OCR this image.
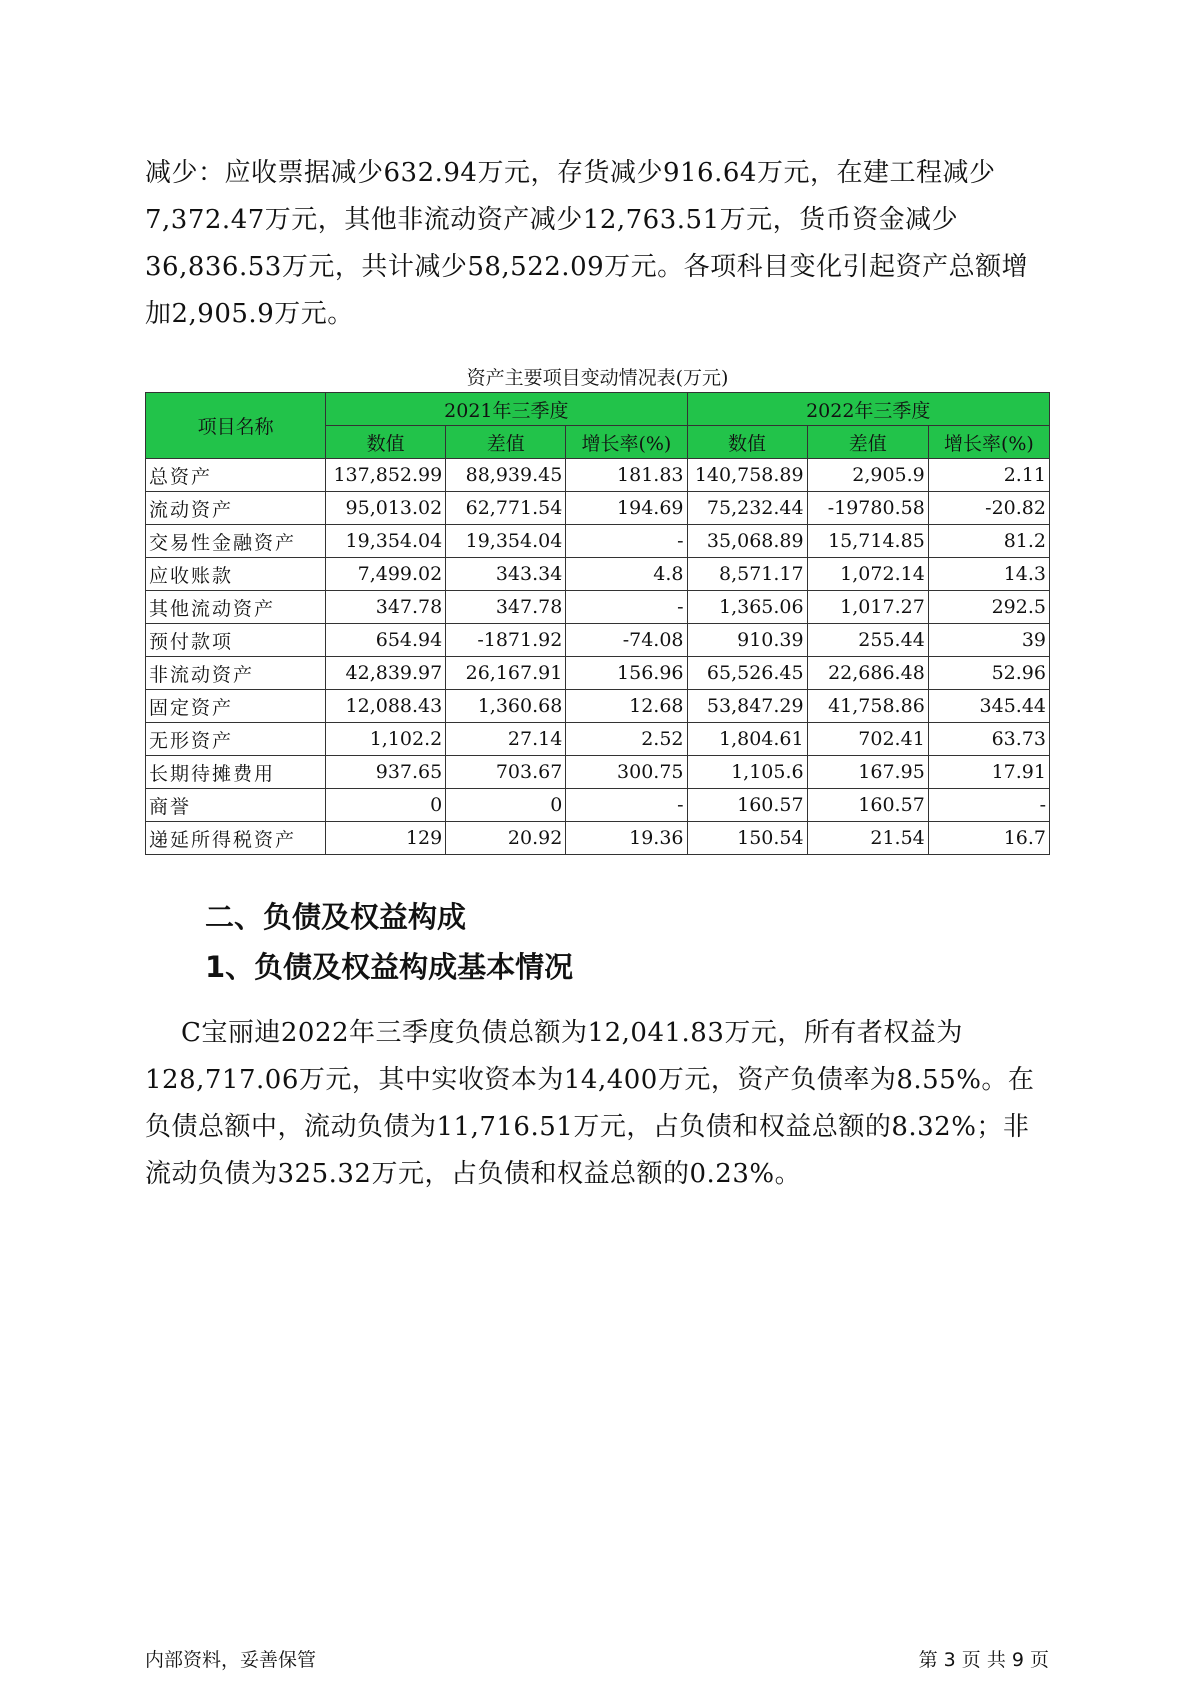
减少：应收票据减少632.94万元，存货减少916.64万元，在建工程减少7,372.47万元，其他非流动资产减少12,763.51万元，货币资金减少36,836.53万元，共计减少58,522.09万元。各项科目变化引起资产总额增加2,905.9万元。
资产主要项目变动情况表(万元)
项目名称	2021年三季度			2022年三季度		
	数值	差值	增长率(%)	数值	差值	增长率(%)
总资产	137,852.99	88,939.45	181.83	140,758.89	2,905.9	2.11
流动资产	95,013.02	62,771.54	194.69	75,232.44	-19780.58	-20.82
交易性金融资产	19,354.04	19,354.04	-	35,068.89	15,714.85	81.2
应收账款	7,499.02	343.34	4.8	8,571.17	1,072.14	14.3
其他流动资产	347.78	347.78	-	1,365.06	1,017.27	292.5
预付款项	654.94	-1871.92	-74.08	910.39	255.44	39
非流动资产	42,839.97	26,167.91	156.96	65,526.45	22,686.48	52.96
固定资产	12,088.43	1,360.68	12.68	53,847.29	41,758.86	345.44
无形资产	1,102.2	27.14	2.52	1,804.61	702.41	63.73
长期待摊费用	937.65	703.67	300.75	1,105.6	167.95	17.91
商誉	0	0	-	160.57	160.57	-
递延所得税资产	129	20.92	19.36	150.54	21.54	16.7
二、负债及权益构成
1、负债及权益构成基本情况
C宝丽迪2022年三季度负债总额为12,041.83万元，所有者权益为128,717.06万元，其中实收资本为14,400万元，资产负债率为8.55%。在负债总额中，流动负债为11,716.51万元，占负债和权益总额的8.32%；非流动负债为325.32万元，占负债和权益总额的0.23%。
内部资料，妥善保管	第 3 页 共 9 页
